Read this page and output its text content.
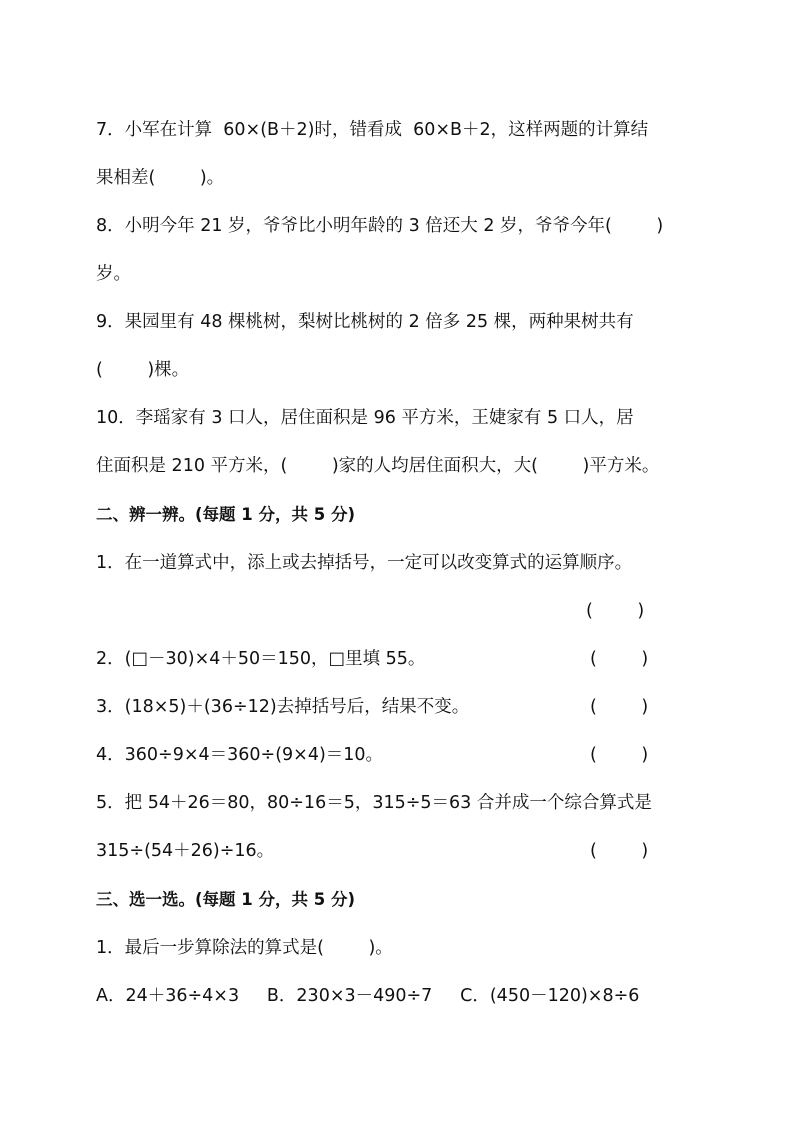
7．小军在计算  60×(B＋2)时，错看成  60×B＋2，这样两题的计算结
果相差(        )。
8．小明今年 21 岁，爷爷比小明年龄的 3 倍还大 2 岁，爷爷今年(        )
岁。
9．果园里有 48 棵桃树，梨树比桃树的 2 倍多 25 棵，两种果树共有
(        )棵。
10．李瑶家有 3 口人，居住面积是 96 平方米，王婕家有 5 口人，居
住面积是 210 平方米，(        )家的人均居住面积大，大(        )平方米。
二、辨一辨。(每题 1 分，共 5 分)
1．在一道算式中，添上或去掉括号，一定可以改变算式的运算顺序。
(        )
2．(□－30)×4＋50＝150，□里填 55。	(        )
3．(18×5)＋(36÷12)去掉括号后，结果不变。	(        )
4．360÷9×4＝360÷(9×4)＝10。	(        )
5．把 54＋26＝80，80÷16＝5，315÷5＝63 合并成一个综合算式是
315÷(54＋26)÷16。	(        )
三、选一选。(每题 1 分，共 5 分)
1．最后一步算除法的算式是(        )。
A．24＋36÷4×3     B．230×3－490÷7     C．(450－120)×8÷6
